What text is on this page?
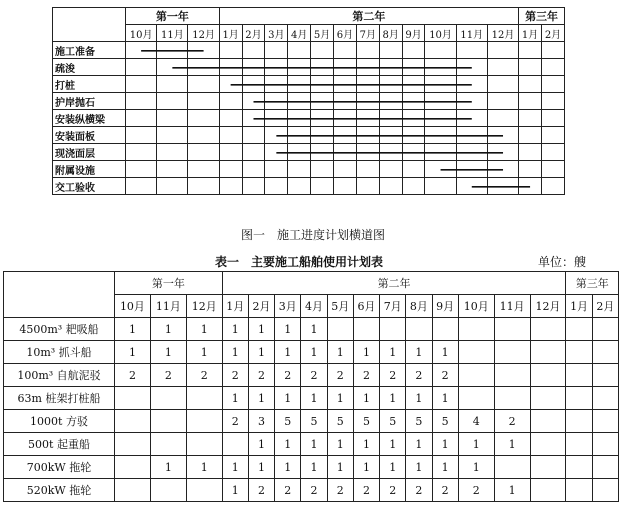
	第一年			第二年												第三年	
	10月	11月	12月	1月	2月	3月	4月	5月	6月	7月	8月	9月	10月	11月	12月	1月	2月
施工准备																	
疏浚																	
打桩																	
护岸抛石																	
安装纵横梁																	
安装面板																	
现浇面层																	
附属设施																	
交工验收																	
图一　施工进度计划横道图
表一　主要施工船舶使用计划表	单位：艘
	第一年			第二年												第三年	
	10月	11月	12月	1月	2月	3月	4月	5月	6月	7月	8月	9月	10月	11月	12月	1月	2月
4500m³ 耙吸船	1	1	1	1	1	1	1										
10m³ 抓斗船	1	1	1	1	1	1	1	1	1	1	1	1					
100m³ 自航泥驳	2	2	2	2	2	2	2	2	2	2	2	2					
63m 桩架打桩船				1	1	1	1	1	1	1	1	1					
1000t 方驳				2	3	5	5	5	5	5	5	5	4	2			
500t 起重船					1	1	1	1	1	1	1	1	1	1			
700kW 拖轮		1	1	1	1	1	1	1	1	1	1	1	1				
520kW 拖轮				1	2	2	2	2	2	2	2	2	2	1			
